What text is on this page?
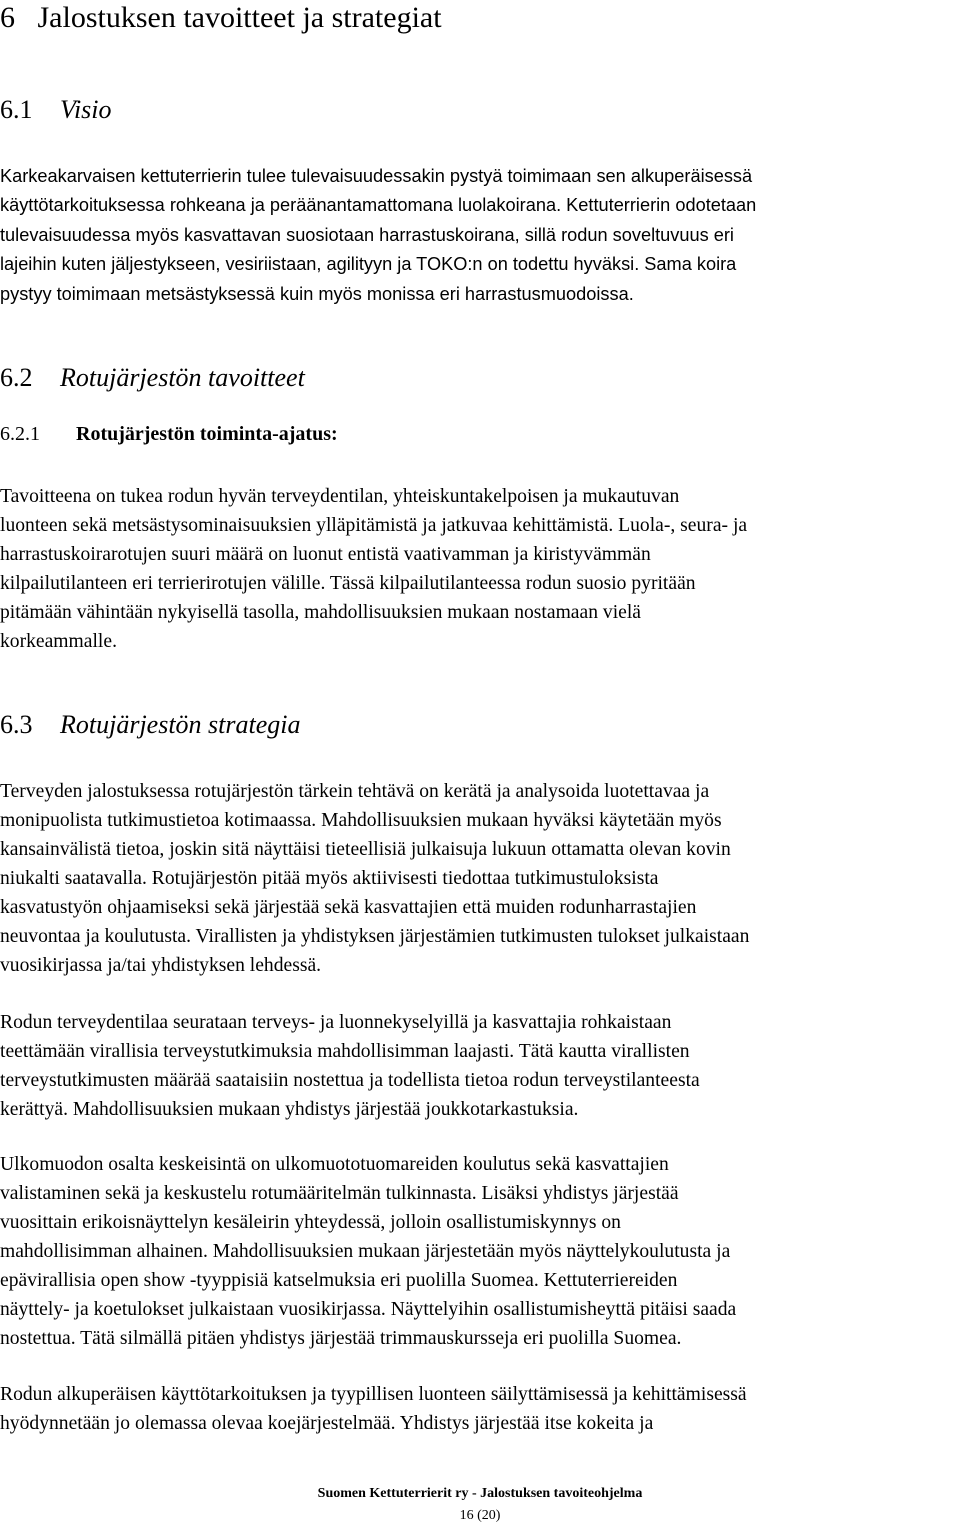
6 Jalostuksen tavoitteet ja strategiat
6.1 Visio
Karkeakarvaisen kettuterrierin tulee tulevaisuudessakin pystyä toimimaan sen alkuperäisessä
käyttötarkoituksessa rohkeana ja peräänantamattomana luolakoirana. Kettuterrierin odotetaan
tulevaisuudessa myös kasvattavan suosiotaan harrastuskoirana, sillä rodun soveltuvuus eri
lajeihin kuten jäljestykseen, vesiriistaan, agilityyn ja TOKO:n on todettu hyväksi. Sama koira
pystyy toimimaan metsästyksessä kuin myös monissa eri harrastusmuodoissa.
6.2 Rotujärjestön tavoitteet
6.2.1 Rotujärjestön toiminta-ajatus:
Tavoitteena on tukea rodun hyvän terveydentilan, yhteiskuntakelpoisen ja mukautuvan
luonteen sekä metsästysominaisuuksien ylläpitämistä ja jatkuvaa kehittämistä. Luola-, seura- ja
harrastuskoirarotujen suuri määrä on luonut entistä vaativamman ja kiristyvämmän
kilpailutilanteen eri terrierirotujen välille. Tässä kilpailutilanteessa rodun suosio pyritään
pitämään vähintään nykyisellä tasolla, mahdollisuuksien mukaan nostamaan vielä
korkeammalle.
6.3 Rotujärjestön strategia
Terveyden jalostuksessa rotujärjestön tärkein tehtävä on kerätä ja analysoida luotettavaa ja
monipuolista tutkimustietoa kotimaassa. Mahdollisuuksien mukaan hyväksi käytetään myös
kansainvälistä tietoa, joskin sitä näyttäisi tieteellisiä julkaisuja lukuun ottamatta olevan kovin
niukalti saatavalla. Rotujärjestön pitää myös aktiivisesti tiedottaa tutkimustuloksista
kasvatustyön ohjaamiseksi sekä järjestää sekä kasvattajien että muiden rodunharrastajien
neuvontaa ja koulutusta. Virallisten ja yhdistyksen järjestämien tutkimusten tulokset julkaistaan
vuosikirjassa ja/tai yhdistyksen lehdessä.
Rodun terveydentilaa seurataan terveys- ja luonnekyselyillä ja kasvattajia rohkaistaan
teettämään virallisia terveystutkimuksia mahdollisimman laajasti. Tätä kautta virallisten
terveystutkimusten määrää saataisiin nostettua ja todellista tietoa rodun terveystilanteesta
kerättyä. Mahdollisuuksien mukaan yhdistys järjestää joukkotarkastuksia.
Ulkomuodon osalta keskeisintä on ulkomuototuomareiden koulutus sekä kasvattajien
valistaminen sekä ja keskustelu rotumääritelmän tulkinnasta. Lisäksi yhdistys järjestää
vuosittain erikoisnäyttelyn kesäleirin yhteydessä, jolloin osallistumiskynnys on
mahdollisimman alhainen. Mahdollisuuksien mukaan järjestetään myös näyttelykoulutusta ja
epävirallisia open show -tyyppisiä katselmuksia eri puolilla Suomea. Kettuterriereiden
näyttely- ja koetulokset julkaistaan vuosikirjassa. Näyttelyihin osallistumisheyttä pitäisi saada
nostettua. Tätä silmällä pitäen yhdistys järjestää trimmauskursseja eri puolilla Suomea.
Rodun alkuperäisen käyttötarkoituksen ja tyypillisen luonteen säilyttämisessä ja kehittämisessä
hyödynnetään jo olemassa olevaa koejärjestelmää. Yhdistys järjestää itse kokeita ja
Suomen Kettuterrierit ry - Jalostuksen tavoiteohjelma
16 (20)
